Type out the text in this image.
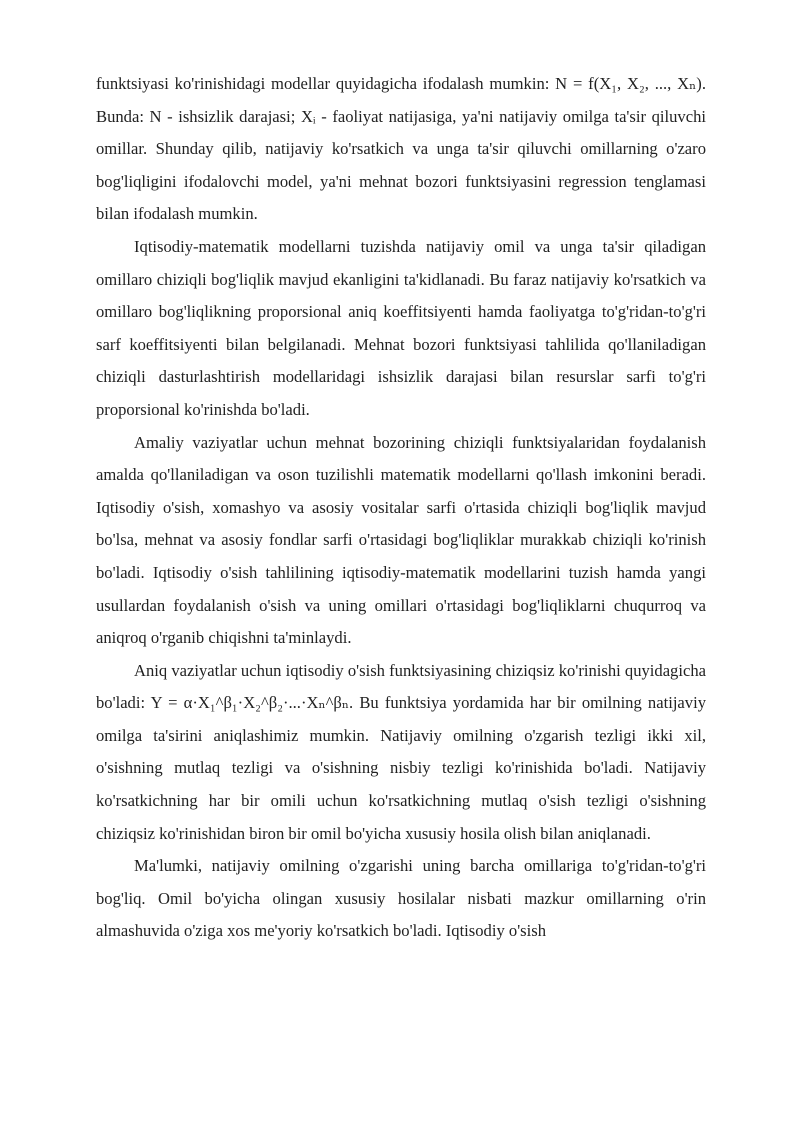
funktsiyasi ko'rinishidagi modellar quyidagicha ifodalash mumkin: N = f(X₁, X₂, ..., Xₙ). Bunda: N - ishsizlik darajasi; Xᵢ - faoliyat natijasiga, ya'ni natijaviy omilga ta'sir qiluvchi omillar. Shunday qilib, natijaviy ko'rsatkich va unga ta'sir qiluvchi omillarning o'zaro bog'liqligini ifodalovchi model, ya'ni mehnat bozori funktsiyasini regression tenglamasi bilan ifodalash mumkin.

Iqtisodiy-matematik modellarni tuzishda natijaviy omil va unga ta'sir qiladigan omillaro chiziqli bog'liqlik mavjud ekanligini ta'kidlanadi. Bu faraz natijaviy ko'rsatkich va omillaro bog'liqlikning proporsional aniq koeffitsiyenti hamda faoliyatga to'g'ridan-to'g'ri sarf koeffitsiyenti bilan belgilanadi. Mehnat bozori funktsiyasi tahlilida qo'llaniladigan chiziqli dasturlashtirish modellaridagi ishsizlik darajasi bilan resurslar sarfi to'g'ri proporsional ko'rinishda bo'ladi.

Amaliy vaziyatlar uchun mehnat bozorining chiziqli funktsiyalaridan foydalanish amalda qo'llaniladigan va oson tuzilishli matematik modellarni qo'llash imkonini beradi. Iqtisodiy o'sish, xomashyo va asosiy vositalar sarfi o'rtasida chiziqli bog'liqlik mavjud bo'lsa, mehnat va asosiy fondlar sarfi o'rtasidagi bog'liqliklar murakkab chiziqli ko'rinish bo'ladi. Iqtisodiy o'sish tahlilining iqtisodiy-matematik modellarini tuzish hamda yangi usullardan foydalanish o'sish va uning omillari o'rtasidagi bog'liqliklarni chuqurroq va aniqroq o'rganib chiqishni ta'minlaydi.

Aniq vaziyatlar uchun iqtisodiy o'sish funktsiyasining chiziqsiz ko'rinishi quyidagicha bo'ladi: Y = α·X₁^β₁·X₂^β₂·...·Xₙ^βₙ. Bu funktsiya yordamida har bir omilning natijaviy omilga ta'sirini aniqlashimiz mumkin. Natijaviy omilning o'zgarish tezligi ikki xil, o'sishning mutlaq tezligi va o'sishning nisbiy tezligi ko'rinishida bo'ladi. Natijaviy ko'rsatkichning har bir omili uchun ko'rsatkichning mutlaq o'sish tezligi o'sishning chiziqsiz ko'rinishidan biron bir omil bo'yicha xususiy hosila olish bilan aniqlanadi.

Ma'lumki, natijaviy omilning o'zgarishi uning barcha omillariga to'g'ridan-to'g'ri bog'liq. Omil bo'yicha olingan xususiy hosilalar nisbati mazkur omillarning o'rin almashuvida o'ziga xos me'yoriy ko'rsatkich bo'ladi. Iqtisodiy o'sish
